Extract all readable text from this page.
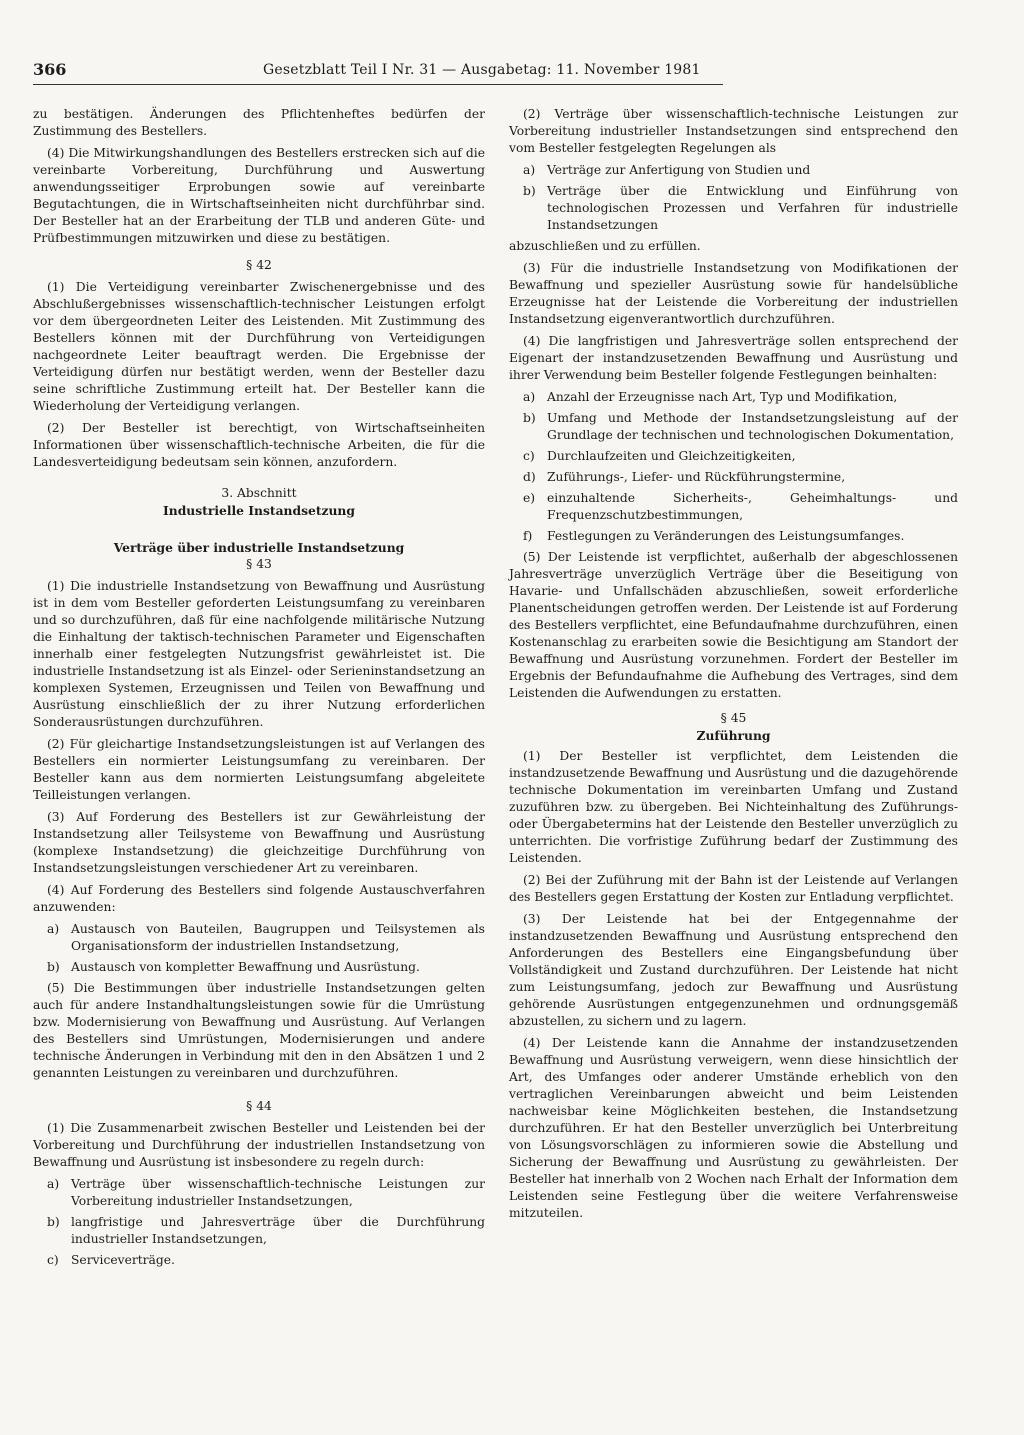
366	Gesetzblatt Teil I Nr. 31 — Ausgabetag: 11. November 1981

zu bestätigen. Änderungen des Pflichtenheftes bedürfen der Zustimmung des Bestellers.

(4) Die Mitwirkungshandlungen des Bestellers erstrecken sich auf die vereinbarte Vorbereitung, Durchführung und Auswertung anwendungsseitiger Erprobungen sowie auf vereinbarte Begutachtungen, die in Wirtschaftseinheiten nicht durchführbar sind. Der Besteller hat an der Erarbeitung der TLB und anderen Güte- und Prüfbestimmungen mitzuwirken und diese zu bestätigen.

§ 42

(1) Die Verteidigung vereinbarter Zwischenergebnisse und des Abschlußergebnisses wissenschaftlich-technischer Leistungen erfolgt vor dem übergeordneten Leiter des Leistenden. Mit Zustimmung des Bestellers können mit der Durchführung von Verteidigungen nachgeordnete Leiter beauftragt werden. Die Ergebnisse der Verteidigung dürfen nur bestätigt werden, wenn der Besteller dazu seine schriftliche Zustimmung erteilt hat. Der Besteller kann die Wiederholung der Verteidigung verlangen.

(2) Der Besteller ist berechtigt, von Wirtschaftseinheiten Informationen über wissenschaftlich-technische Arbeiten, die für die Landesverteidigung bedeutsam sein können, anzufordern.

3. Abschnitt
Industrielle Instandsetzung
Verträge über industrielle Instandsetzung
§ 43

(1) Die industrielle Instandsetzung von Bewaffnung und Ausrüstung ist in dem vom Besteller geforderten Leistungsumfang zu vereinbaren und so durchzuführen, daß für eine nachfolgende militärische Nutzung die Einhaltung der taktisch-technischen Parameter und Eigenschaften innerhalb einer festgelegten Nutzungsfrist gewährleistet ist. Die industrielle Instandsetzung ist als Einzel- oder Serieninstandsetzung an komplexen Systemen, Erzeugnissen und Teilen von Bewaffnung und Ausrüstung einschließlich der zu ihrer Nutzung erforderlichen Sonderausrüstungen durchzuführen.

(2) Für gleichartige Instandsetzungsleistungen ist auf Verlangen des Bestellers ein normierter Leistungsumfang zu vereinbaren. Der Besteller kann aus dem normierten Leistungsumfang abgeleitete Teilleistungen verlangen.

(3) Auf Forderung des Bestellers ist zur Gewährleistung der Instandsetzung aller Teilsysteme von Bewaffnung und Ausrüstung (komplexe Instandsetzung) die gleichzeitige Durchführung von Instandsetzungsleistungen verschiedener Art zu vereinbaren.

(4) Auf Forderung des Bestellers sind folgende Austauschverfahren anzuwenden:

a) Austausch von Bauteilen, Baugruppen und Teilsystemen als Organisationsform der industriellen Instandsetzung,
b) Austausch von kompletter Bewaffnung und Ausrüstung.

(5) Die Bestimmungen über industrielle Instandsetzungen gelten auch für andere Instandhaltungsleistungen sowie für die Umrüstung bzw. Modernisierung von Bewaffnung und Ausrüstung. Auf Verlangen des Bestellers sind Umrüstungen, Modernisierungen und andere technische Änderungen in Verbindung mit den in den Absätzen 1 und 2 genannten Leistungen zu vereinbaren und durchzuführen.

§ 44

(1) Die Zusammenarbeit zwischen Besteller und Leistenden bei der Vorbereitung und Durchführung der industriellen Instandsetzung von Bewaffnung und Ausrüstung ist insbesondere zu regeln durch:

a) Verträge über wissenschaftlich-technische Leistungen zur Vorbereitung industrieller Instandsetzungen,
b) langfristige und Jahresverträge über die Durchführung industrieller Instandsetzungen,
c)	Serviceverträge.

(2) Verträge über wissenschaftlich-technische Leistungen zur Vorbereitung industrieller Instandsetzungen sind entsprechend den vom Besteller festgelegten Regelungen als

a) Verträge zur Anfertigung von Studien und
b) Verträge über die Entwicklung und Einführung von technologischen Prozessen und Verfahren für industrielle Instandsetzungen

abzuschließen und zu erfüllen.

(3) Für die industrielle Instandsetzung von Modifikationen der Bewaffnung und spezieller Ausrüstung sowie für handelsübliche Erzeugnisse hat der Leistende die Vorbereitung der industriellen Instandsetzung eigenverantwortlich durchzuführen.

(4) Die langfristigen und Jahresverträge sollen entsprechend der Eigenart der instandzusetzenden Bewaffnung und Ausrüstung und ihrer Verwendung beim Besteller folgende Festlegungen beinhalten:

a) Anzahl der Erzeugnisse nach Art, Typ und Modifikation,
b) Umfang und Methode der Instandsetzungsleistung auf der Grundlage der technischen und technologischen Dokumentation,
c)	Durchlaufzeiten und Gleichzeitigkeiten,
d) Zuführungs-, Liefer- und Rückführungstermine,
e) einzuhaltende Sicherheits-, Geheimhaltungs- und Frequenzschutzbestimmungen,
f)	Festlegungen zu Veränderungen des Leistungsumfanges.

(5) Der Leistende ist verpflichtet, außerhalb der abgeschlossenen Jahresverträge unverzüglich Verträge über die Beseitigung von Havarie- und Unfallschäden abzuschließen, soweit erforderliche Planentscheidungen getroffen werden. Der Leistende ist auf Forderung des Bestellers verpflichtet, eine Befundaufnahme durchzuführen, einen Kostenanschlag zu erarbeiten sowie die Besichtigung am Standort der Bewaffnung und Ausrüstung vorzunehmen. Fordert der Besteller im Ergebnis der Befundaufnahme die Aufhebung des Vertrages, sind dem Leistenden die Aufwendungen zu erstatten.

§ 45
Zuführung

(1) Der Besteller ist verpflichtet, dem Leistenden die instandzusetzende Bewaffnung und Ausrüstung und die dazugehörende technische Dokumentation im vereinbarten Umfang und Zustand zuzuführen bzw. zu übergeben. Bei Nichteinhaltung des Zuführungs- oder Übergabetermins hat der Leistende den Besteller unverzüglich zu unterrichten. Die vorfristige Zuführung bedarf der Zustimmung des Leistenden.

(2) Bei der Zuführung mit der Bahn ist der Leistende auf Verlangen des Bestellers gegen Erstattung der Kosten zur Entladung verpflichtet.

(3) Der Leistende hat bei der Entgegennahme der instandzusetzenden Bewaffnung und Ausrüstung entsprechend den Anforderungen des Bestellers eine Eingangsbefundung über Vollständigkeit und Zustand durchzuführen. Der Leistende hat nicht zum Leistungsumfang, jedoch zur Bewaffnung und Ausrüstung gehörende Ausrüstungen entgegenzunehmen und ordnungsgemäß abzustellen, zu sichern und zu lagern.

(4) Der Leistende kann die Annahme der instandzusetzenden Bewaffnung und Ausrüstung verweigern, wenn diese hinsichtlich der Art, des Umfanges oder anderer Umstände erheblich von den vertraglichen Vereinbarungen abweicht und beim Leistenden nachweisbar keine Möglichkeiten bestehen, die Instandsetzung durchzuführen. Er hat den Besteller unverzüglich bei Unterbreitung von Lösungsvorschlägen zu informieren sowie die Abstellung und Sicherung der Bewaffnung und Ausrüstung zu gewährleisten. Der Besteller hat innerhalb von 2 Wochen nach Erhalt der Information dem Leistenden seine Festlegung über die weitere Verfahrensweise mitzuteilen.
